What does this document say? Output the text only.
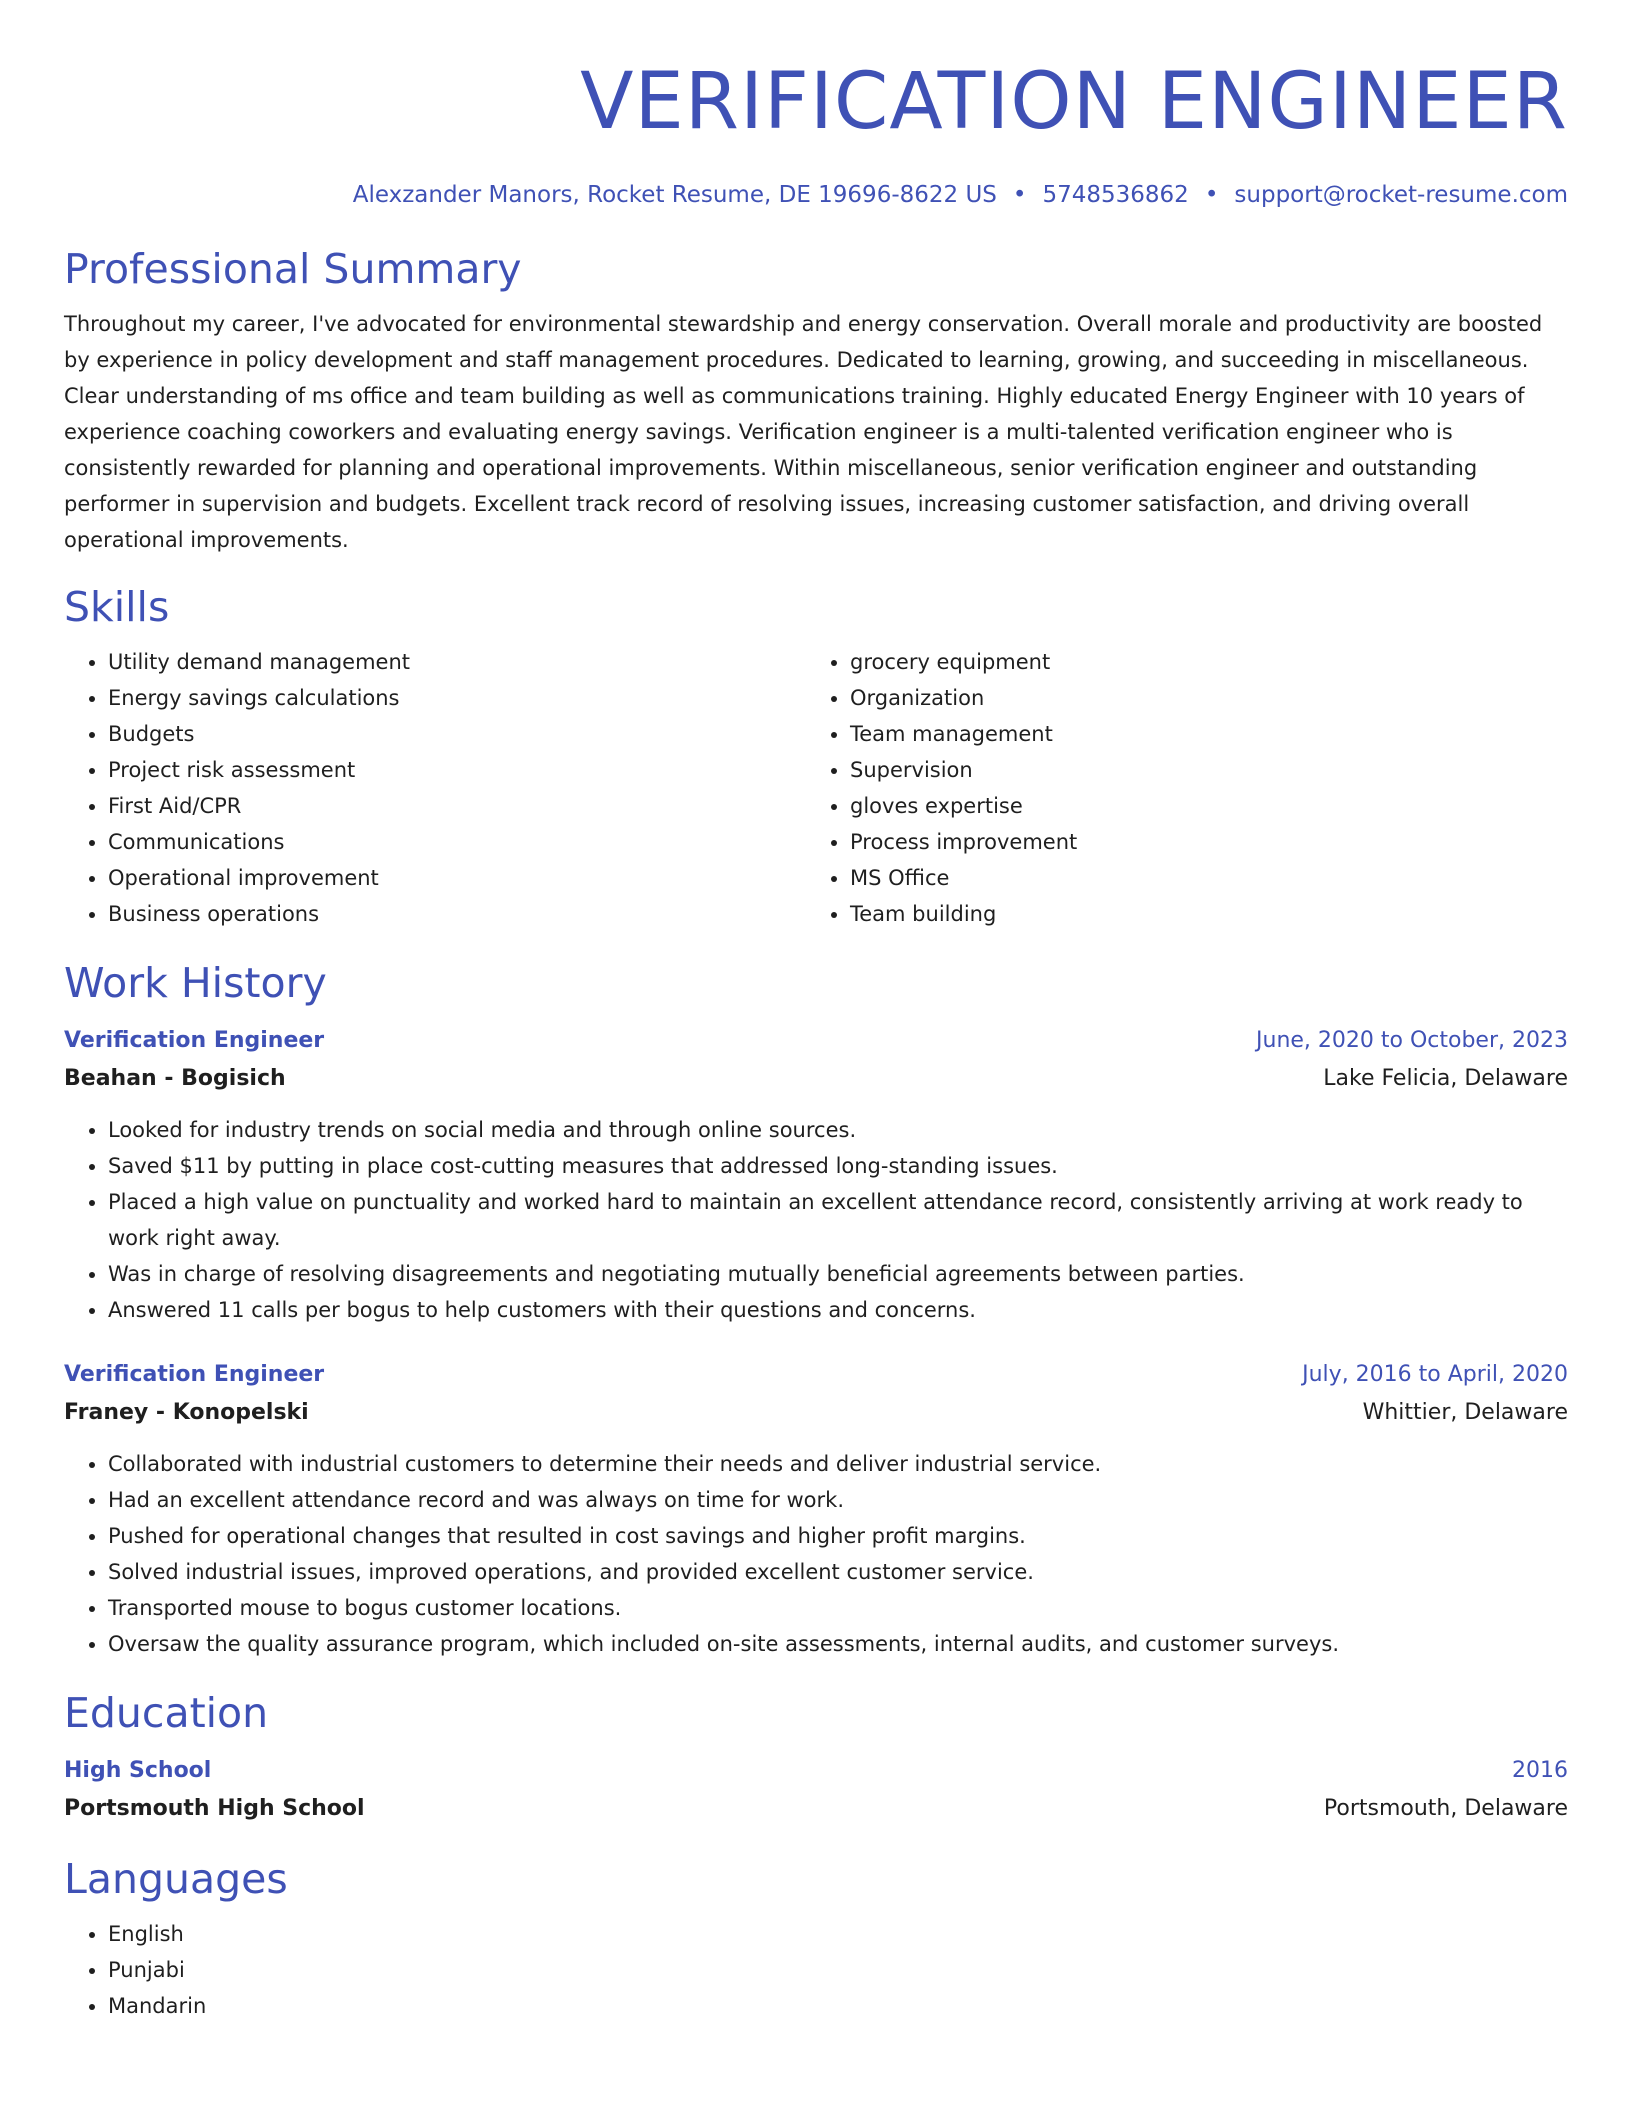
VERIFICATION ENGINEER
Alexzander Manors, Rocket Resume, DE 19696-8622 US • 5748536862 • support@rocket-resume.com
Professional Summary

Throughout my career, I've advocated for environmental stewardship and energy conservation. Overall morale and productivity are boosted by experience in policy development and staff management procedures. Dedicated to learning, growing, and succeeding in miscellaneous. Clear understanding of ms office and team building as well as communications training. Highly educated Energy Engineer with 10 years of experience coaching coworkers and evaluating energy savings. Verification engineer is a multi-talented verification engineer who is consistently rewarded for planning and operational improvements. Within miscellaneous, senior verification engineer and outstanding performer in supervision and budgets. Excellent track record of resolving issues, increasing customer satisfaction, and driving overall operational improvements.

Skills
• Utility demand management
• Energy savings calculations
• Budgets
• Project risk assessment
• First Aid/CPR
• Communications
• Operational improvement
• Business operations
• grocery equipment
• Organization
• Team management
• Supervision
• gloves expertise
• Process improvement
• MS Office
• Team building
Work History
Verification Engineer	June, 2020 to October, 2023
Beahan - Bogisich	Lake Felicia, Delaware
• Looked for industry trends on social media and through online sources.
• Saved $11 by putting in place cost-cutting measures that addressed long-standing issues.
• Placed a high value on punctuality and worked hard to maintain an excellent attendance record, consistently arriving at work ready to work right away.
• Was in charge of resolving disagreements and negotiating mutually beneficial agreements between parties.
• Answered 11 calls per bogus to help customers with their questions and concerns.
Verification Engineer	July, 2016 to April, 2020
Franey - Konopelski	Whittier, Delaware
• Collaborated with industrial customers to determine their needs and deliver industrial service.
• Had an excellent attendance record and was always on time for work.
• Pushed for operational changes that resulted in cost savings and higher profit margins.
• Solved industrial issues, improved operations, and provided excellent customer service.
• Transported mouse to bogus customer locations.
• Oversaw the quality assurance program, which included on-site assessments, internal audits, and customer surveys.
Education
High School	2016
Portsmouth High School	Portsmouth, Delaware
Languages
• English
• Punjabi
• Mandarin
